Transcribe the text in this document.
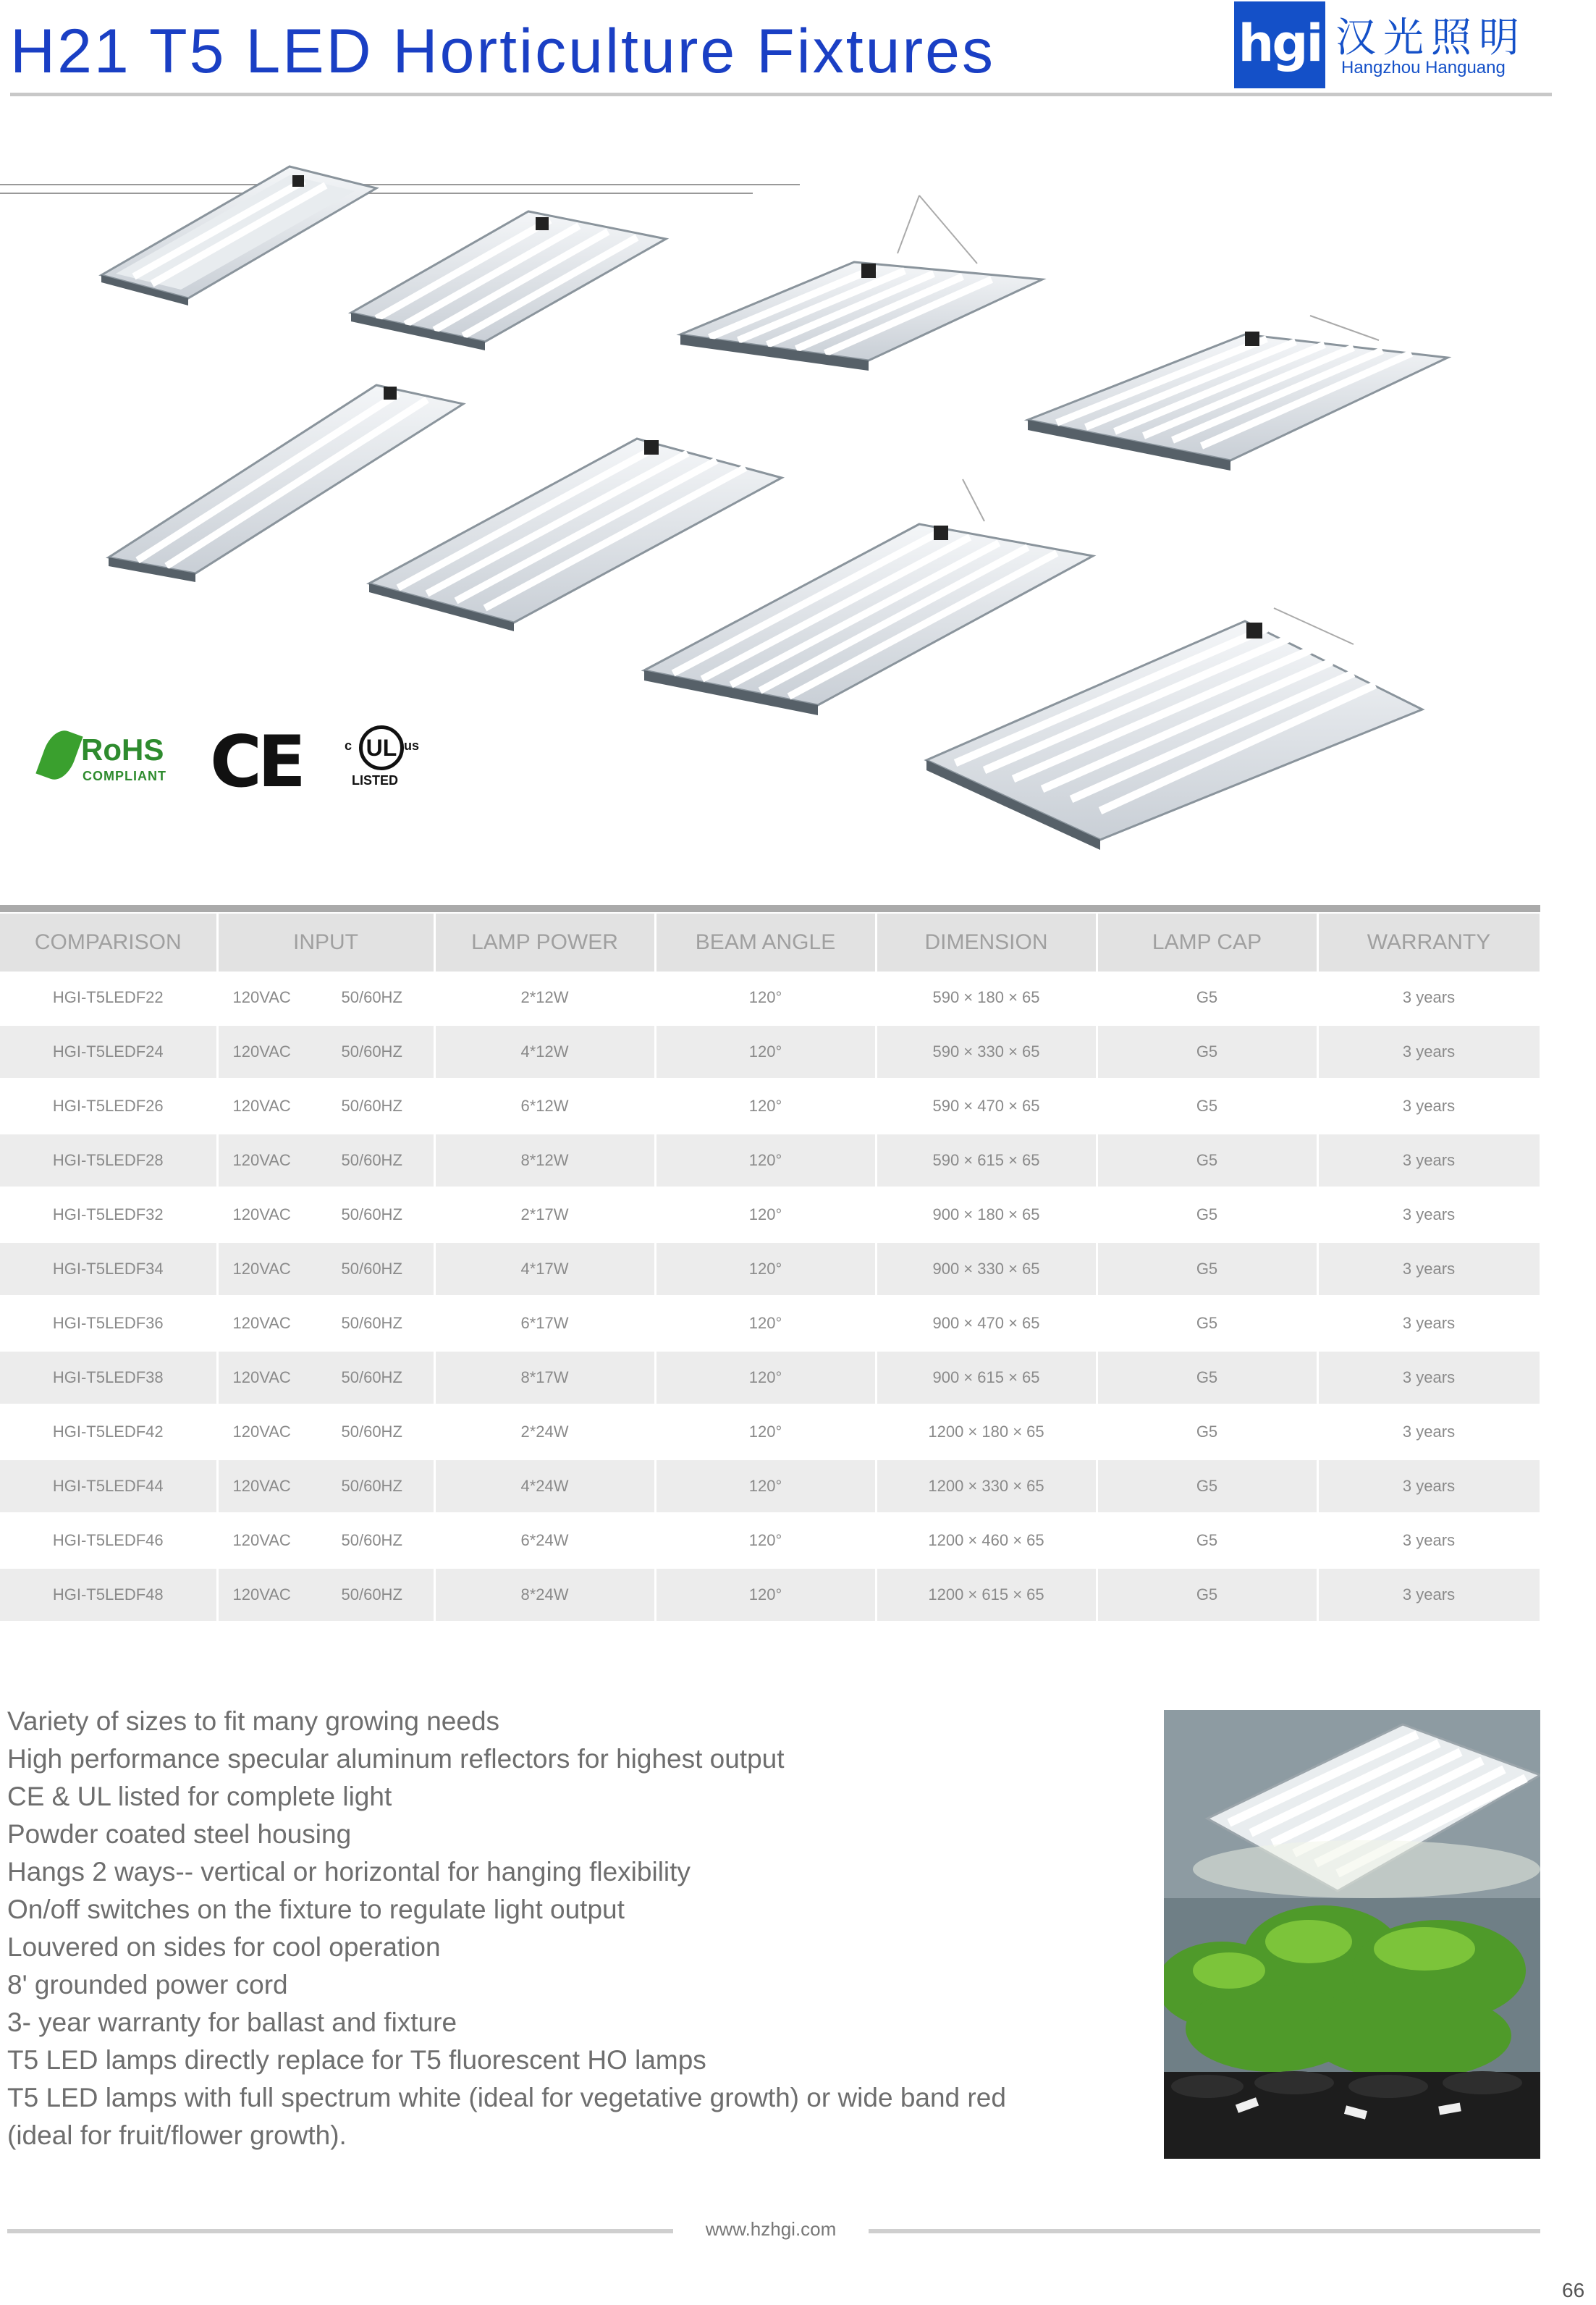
H21 T5 LED Horticulture Fixtures	hgi 汉光照明
Hangzhou Hanguang
RoHS
COMPLIANT CE	c UL us
LISTED
COMPARISON	INPUT	LAMP POWER	BEAM ANGLE	DIMENSION	LAMP CAP	WARRANTY
HGI-T5LEDF22	120VAC 50/60HZ	2*12W	120°	590 × 180 × 65	G5	3 years
HGI-T5LEDF24	120VAC 50/60HZ	4*12W	120°	590 × 330 × 65	G5	3 years
HGI-T5LEDF26	120VAC 50/60HZ	6*12W	120°	590 × 470 × 65	G5	3 years
HGI-T5LEDF28	120VAC 50/60HZ	8*12W	120°	590 × 615 × 65	G5	3 years
HGI-T5LEDF32	120VAC 50/60HZ	2*17W	120°	900 × 180 × 65	G5	3 years
HGI-T5LEDF34	120VAC 50/60HZ	4*17W	120°	900 × 330 × 65	G5	3 years
HGI-T5LEDF36	120VAC 50/60HZ	6*17W	120°	900 × 470 × 65	G5	3 years
HGI-T5LEDF38	120VAC 50/60HZ	8*17W	120°	900 × 615 × 65	G5	3 years
HGI-T5LEDF42	120VAC 50/60HZ	2*24W	120°	1200 × 180 × 65	G5	3 years
HGI-T5LEDF44	120VAC 50/60HZ	4*24W	120°	1200 × 330 × 65	G5	3 years
HGI-T5LEDF46	120VAC 50/60HZ	6*24W	120°	1200 × 460 × 65	G5	3 years
HGI-T5LEDF48	120VAC 50/60HZ	8*24W	120°	1200 × 615 × 65	G5	3 years
Variety of sizes to fit many growing needs
High performance specular aluminum reflectors for highest output
CE & UL listed for complete light
Powder coated steel housing
Hangs 2 ways-- vertical or horizontal for hanging flexibility
On/off switches on the fixture to regulate light output
Louvered on sides for cool operation
8' grounded power cord
3- year warranty for ballast and fixture
T5 LED lamps directly replace for T5 fluorescent HO lamps
T5 LED lamps with full spectrum white (ideal for vegetative growth) or wide band red
(ideal for fruit/flower growth).
www.hzhgi.com
66
